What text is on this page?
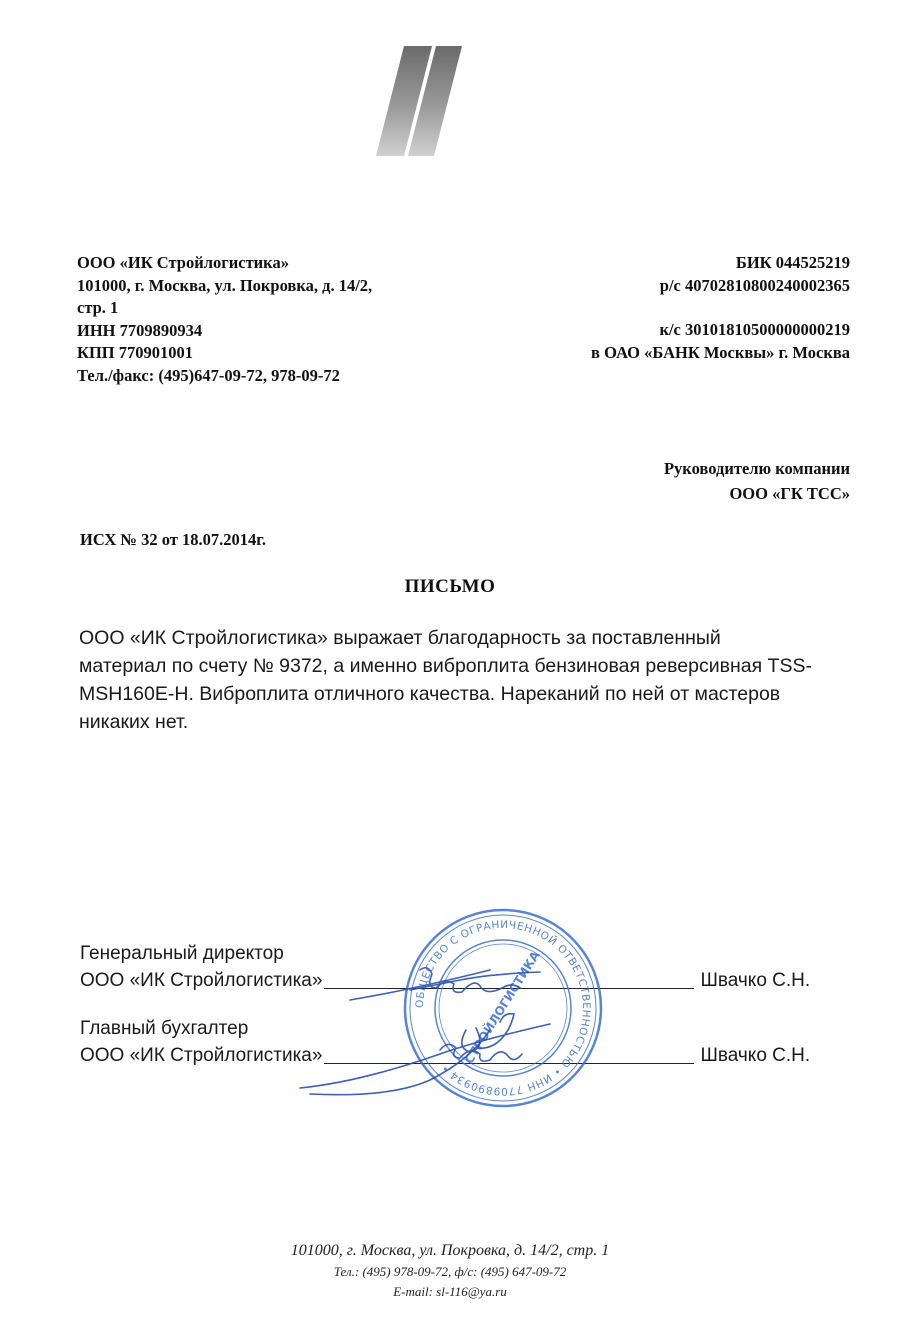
ООО «ИК Стройлогистика»
101000, г. Москва, ул. Покровка, д. 14/2,
стр. 1
ИНН 7709890934
КПП 770901001
Тел./факс: (495)647-09-72, 978-09-72
БИК 044525219
р/с 40702810800240002365
к/с 30101810500000000219
в ОАО «БАНК Москвы» г. Москва
Руководителю компании
ООО «ГК ТСС»
ИСХ № 32 от 18.07.2014г.
ПИСЬМО
ООО «ИК Стройлогистика» выражает благодарность за поставленный
материал по счету № 9372, а именно виброплита бензиновая реверсивная TSS-
MSH160E-H. Виброплита отличного качества. Нареканий по ней от мастеров
никаких нет.
Генеральный директор
ООО «ИК Стройлогистика»	Швачко С.Н.
Главный бухгалтер
ООО «ИК Стройлогистика»	Швачко С.Н.
ОБЩЕСТВО С ОГРАНИЧЕННОЙ ОТВЕТСТВЕННОСТЬЮ • ИНН 7709890934 •
СТРОЙЛОГИСТИКА
101000, г. Москва, ул. Покровка, д. 14/2, стр. 1
Тел.: (495) 978-09-72, ф/с: (495) 647-09-72
E-mail: sl-116@ya.ru
